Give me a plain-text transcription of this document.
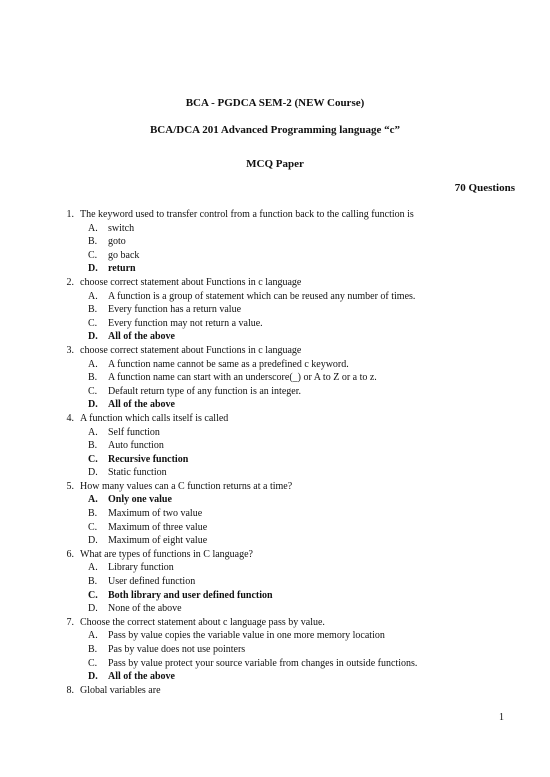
BCA - PGDCA SEM-2 (NEW Course)
BCA/DCA 201 Advanced Programming language “c”
MCQ Paper
70 Questions
1. The keyword used to transfer control from a function back to the calling function is
A. switch
B. goto
C. go back
D. return
2. choose correct statement about Functions in c language
A. A function is a group of statement which can be reused any number of times.
B. Every function has a return value
C. Every function may not return a value.
D. All of the above
3. choose correct statement about Functions in c language
A. A function name cannot be same as a predefined c keyword.
B. A function name can start with an underscore(_) or A to Z or a to z.
C. Default return type of any function is an integer.
D. All of the above
4. A function which calls itself is called
A. Self function
B. Auto function
C. Recursive function
D. Static function
5. How many values can a C function returns at a time?
A. Only one value
B. Maximum of two value
C. Maximum of three value
D. Maximum of eight value
6. What are types of functions in C language?
A. Library function
B. User defined function
C. Both library and user defined function
D. None of the above
7. Choose the correct statement about c language pass by value.
A. Pass by value copies the variable value in one more memory location
B. Pas by value does not use pointers
C. Pass by value protect your source variable from changes in outside functions.
D. All of the above
8. Global variables are
1
